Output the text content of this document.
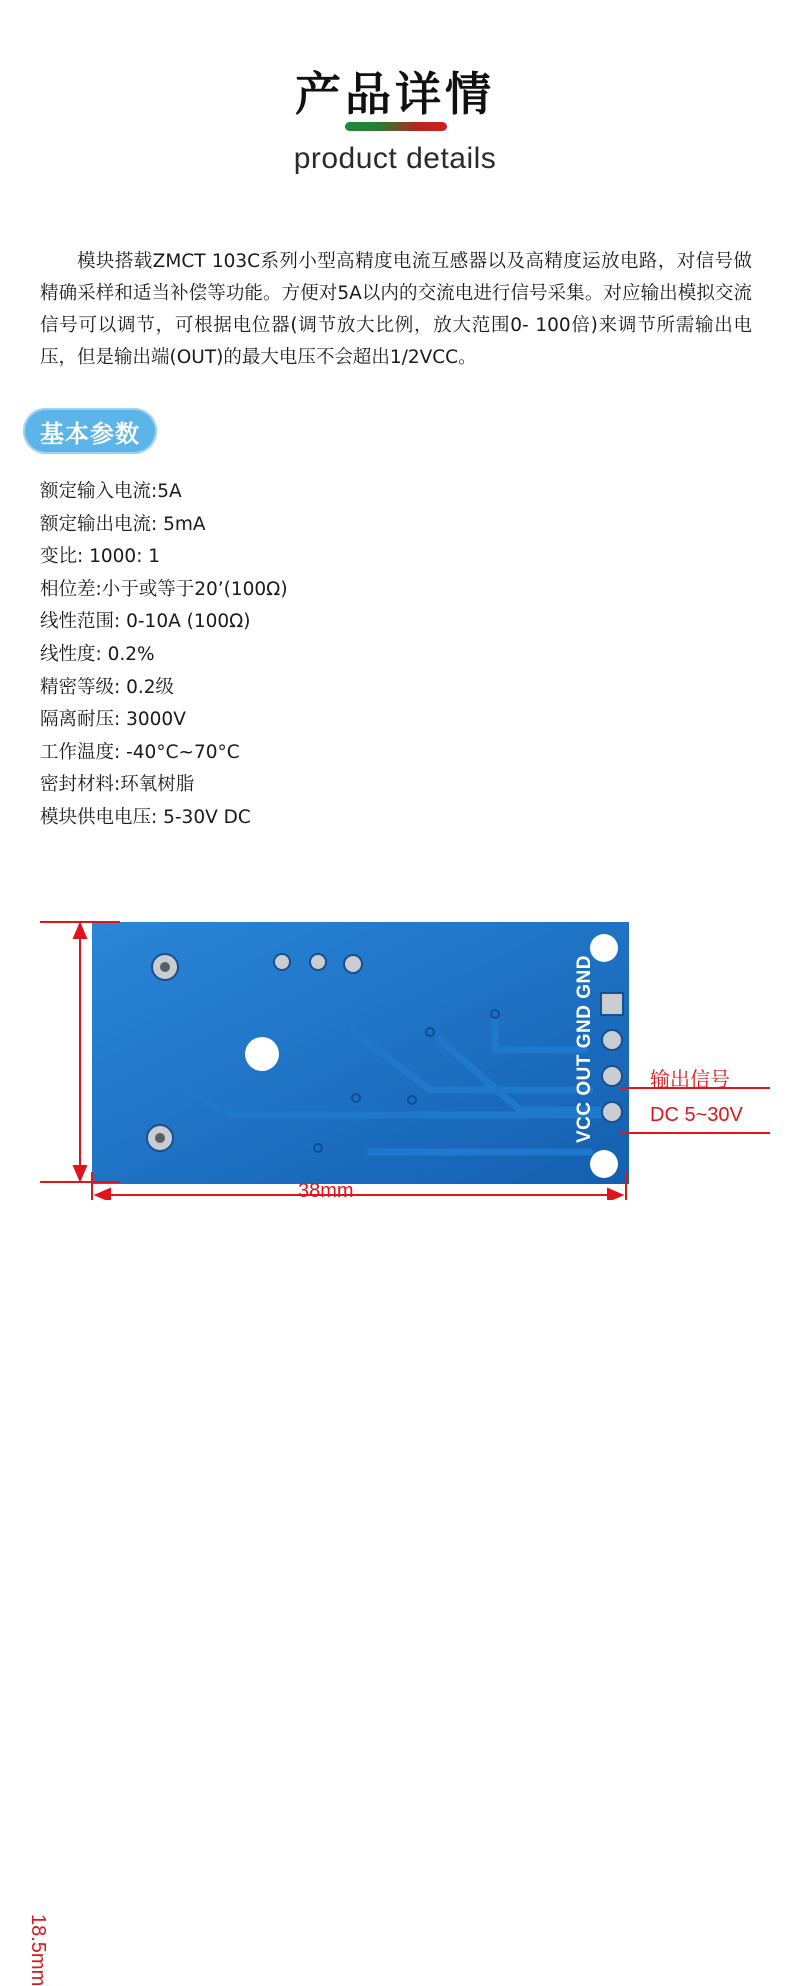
产品详情
product details

模块搭载ZMCT 103C系列小型高精度电流互感器以及高精度运放电路，对信号做精确采样和适当补偿等功能。方便对5A以内的交流电进行信号采集。对应输出模拟交流信号可以调节，可根据电位器(调节放大比例，放大范围0- 100倍)来调节所需输出电压，但是输出端(OUT)的最大电压不会超出1/2VCC。

基本参数
额定输入电流:5A
额定输出电流: 5mA
变比: 1000: 1
相位差:小于或等于20’(100Ω)
线性范围: 0-10A (100Ω)
线性度: 0.2%
精密等级: 0.2级
隔离耐压: 3000V
工作温度: -40°C~70°C
密封材料:环氧树脂
模块供电电压: 5-30V DC
18.5mm
38mm
VCC OUT GND GND	输出信号
DC 5~30V
